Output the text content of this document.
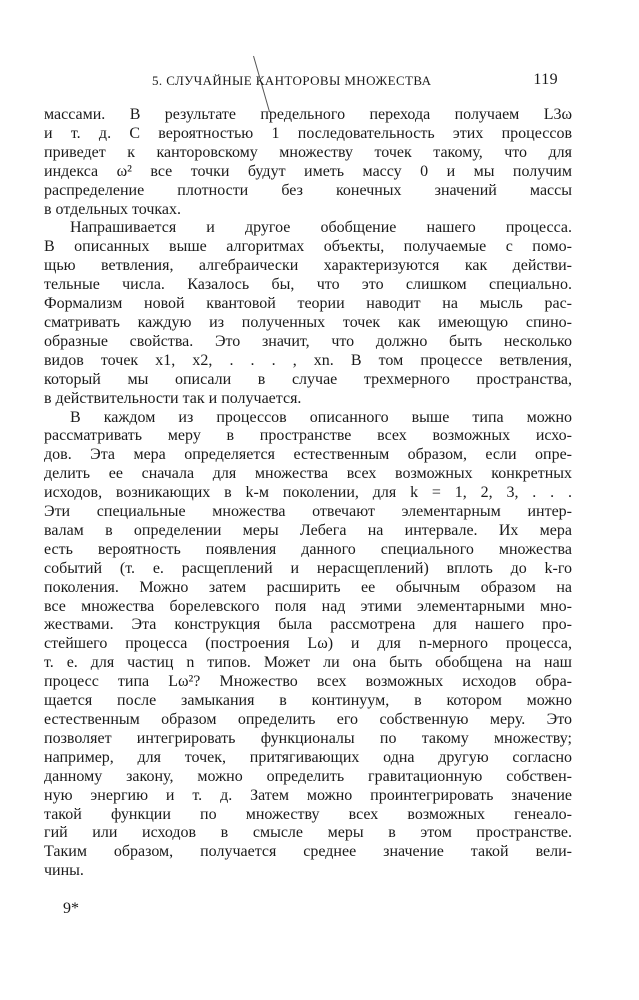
5. СЛУЧАЙНЫЕ КАНТОРОВЫ МНОЖЕСТВА	119

массами. В результате предельного перехода получаем L3ω
и т. д. С вероятностью 1 последовательность этих процессов
приведет к канторовскому множеству точек такому, что для
индекса ω² все точки будут иметь массу 0 и мы получим
распределение плотности без конечных значений массы
в отдельных точках.

Напрашивается и другое обобщение нашего процесса.
В описанных выше алгоритмах объекты, получаемые с помо-
щью ветвления, алгебраически характеризуются как действи-
тельные числа. Казалось бы, что это слишком специально.
Формализм новой квантовой теории наводит на мысль рас-
сматривать каждую из полученных точек как имеющую спино-
образные свойства. Это значит, что должно быть несколько
видов точек x1, x2, . . . , xn. В том процессе ветвления,
который мы описали в случае трехмерного пространства,
в действительности так и получается.

В каждом из процессов описанного выше типа можно
рассматривать меру в пространстве всех возможных исхо-
дов. Эта мера определяется естественным образом, если опре-
делить ее сначала для множества всех возможных конкретных
исходов, возникающих в k-м поколении, для k = 1, 2, 3, . . .
Эти специальные множества отвечают элементарным интер-
валам в определении меры Лебега на интервале. Их мера
есть вероятность появления данного специального множества
событий (т. е. расщеплений и нерасщеплений) вплоть до k-го
поколения. Можно затем расширить ее обычным образом на
все множества борелевского поля над этими элементарными мно-
жествами. Эта конструкция была рассмотрена для нашего про-
стейшего процесса (построения Lω) и для n-мерного процесса,
т. е. для частиц n типов. Может ли она быть обобщена на наш
процесс типа Lω²? Множество всех возможных исходов обра-
щается после замыкания в континуум, в котором можно
естественным образом определить его собственную меру. Это
позволяет интегрировать функционалы по такому множеству;
например, для точек, притягивающих одна другую согласно
данному закону, можно определить гравитационную собствен-
ную энергию и т. д. Затем можно проинтегрировать значение
такой функции по множеству всех возможных генеало-
гий или исходов в смысле меры в этом пространстве.
Таким образом, получается среднее значение такой вели-
чины.

9*
